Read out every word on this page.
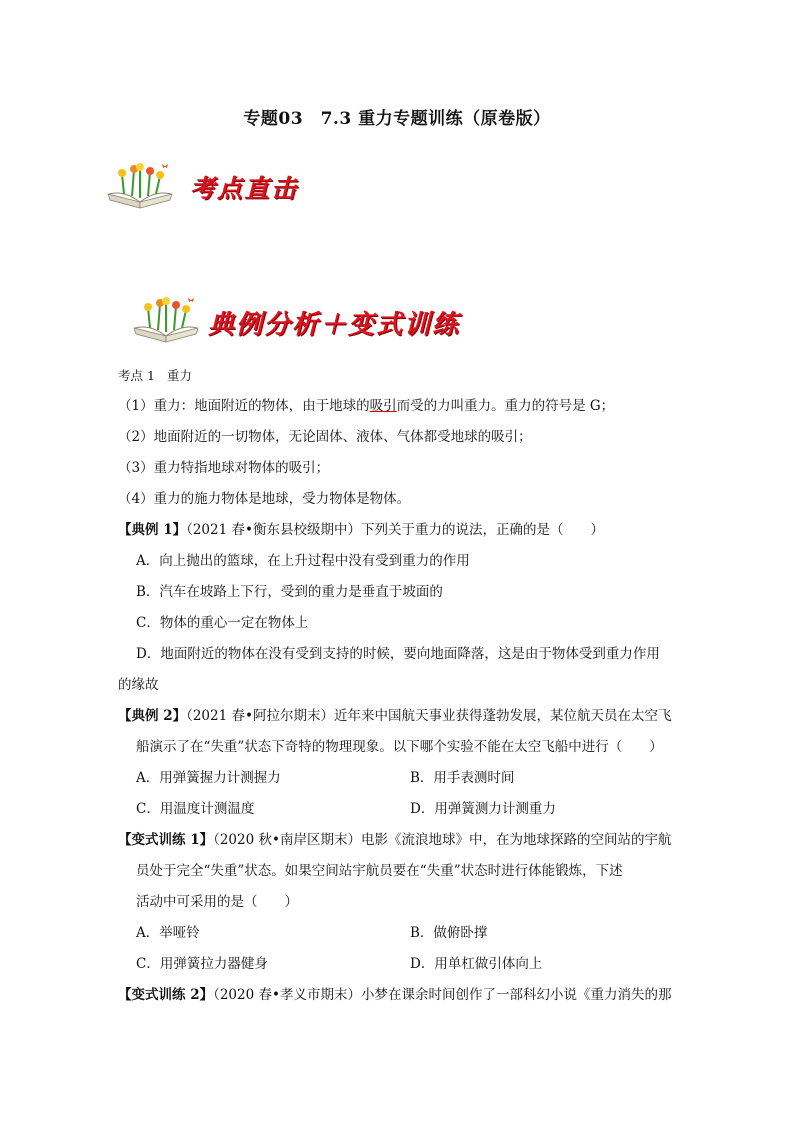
专题03　7.3 重力专题训练（原卷版）
考点直击
典例分析＋变式训练
考点 1 重力
（1）重力：地面附近的物体，由于地球的吸引而受的力叫重力。重力的符号是 G；
（2）地面附近的一切物体，无论固体、液体、气体都受地球的吸引；
（3）重力特指地球对物体的吸引；
（4）重力的施力物体是地球，受力物体是物体。
【典例 1】（2021 春•衡东县校级期中）下列关于重力的说法，正确的是（　　）
A．向上抛出的篮球，在上升过程中没有受到重力的作用
B．汽车在坡路上下行，受到的重力是垂直于坡面的
C．物体的重心一定在物体上
D．地面附近的物体在没有受到支持的时候，要向地面降落，这是由于物体受到重力作用
的缘故
【典例 2】（2021 春•阿拉尔期末）近年来中国航天事业获得蓬勃发展，某位航天员在太空飞
船演示了在“失重”状态下奇特的物理现象。以下哪个实验不能在太空飞船中进行（　　）
A．用弹簧握力计测握力	B．用手表测时间
C．用温度计测温度	D．用弹簧测力计测重力
【变式训练 1】（2020 秋•南岸区期末）电影《流浪地球》中，在为地球探路的空间站的宇航
员处于完全“失重”状态。如果空间站宇航员要在“失重”状态时进行体能锻炼，下述
活动中可采用的是（　　）
A．举哑铃	B．做俯卧撑
C．用弹簧拉力器健身	D．用单杠做引体向上
【变式训练 2】（2020 春•孝义市期末）小梦在课余时间创作了一部科幻小说《重力消失的那
